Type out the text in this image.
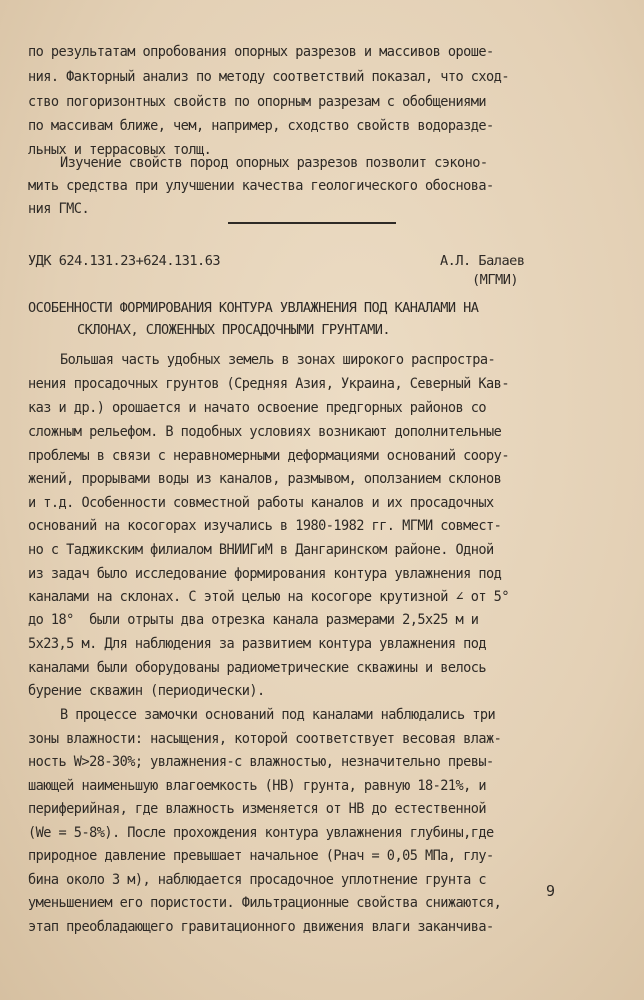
по результатам опробования опорных разрезов и массивов ороше-
ния. Факторный анализ по методу соответствий показал, что сход-
ство погоризонтных свойств по опорным разрезам с обобщениями
по массивам ближе, чем, например, сходство свойств водоразде-
льных и террасовых толщ.
Изучение свойств пород опорных разрезов позволит сэконо-
мить средства при улучшении качества геологического обоснова-
ния ГМС.
УДК 624.131.23+624.131.63	А.Л. Балаев
(МГМИ)
ОСОБЕННОСТИ ФОРМИРОВАНИЯ КОНТУРА УВЛАЖНЕНИЯ ПОД КАНАЛАМИ НА
СКЛОНАХ, СЛОЖЕННЫХ ПРОСАДОЧНЫМИ ГРУНТАМИ.
Большая часть удобных земель в зонах широкого распростра-
нения просадочных грунтов (Средняя Азия, Украина, Северный Кав-
каз и др.) орошается и начато освоение предгорных районов со
сложным рельефом. В подобных условиях возникают дополнительные
проблемы в связи с неравномерными деформациями оснований соору-
жений, прорывами воды из каналов, размывом, оползанием склонов
и т.д. Особенности совместной работы каналов и их просадочных
оснований на косогорах изучались в 1980-1982 гг. МГМИ совмест-
но с Таджикским филиалом ВНИИГиМ в Дангаринском районе. Одной
из задач было исследование формирования контура увлажнения под
каналами на склонах. С этой целью на косогоре крутизной ∠ от 5°
до 18°  были отрыты два отрезка канала размерами 2,5х25 м и
5х23,5 м. Для наблюдения за развитием контура увлажнения под
каналами были оборудованы радиометрические скважины и велось
бурение скважин (периодически).
В процессе замочки оснований под каналами наблюдались три
зоны влажности: насыщения, которой соответствует весовая влаж-
ность W>28-30%; увлажнения-с влажностью, незначительно превы-
шающей наименьшую влагоемкость (НВ) грунта, равную 18-21%, и
периферийная, где влажность изменяется от НВ до естественной
(Wе = 5-8%). После прохождения контура увлажнения глубины,где
природное давление превышает начальное (Pнач = 0,05 МПа, глу-
бина около 3 м), наблюдается просадочное уплотнение грунта с
уменьшением его пористости. Фильтрационные свойства снижаются,
этап преобладающего гравитационного движения влаги заканчива-
9
